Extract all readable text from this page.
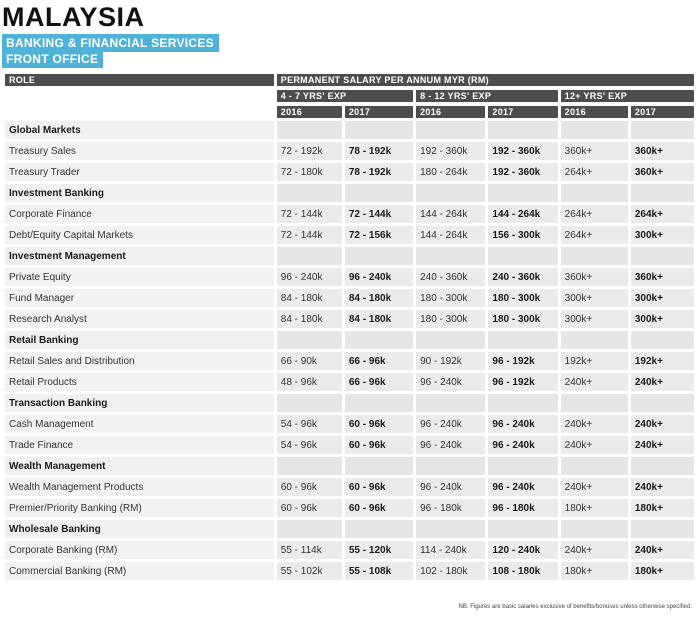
MALAYSIA
BANKING & FINANCIAL SERVICES
FRONT OFFICE
ROLE	PERMANENT SALARY PER ANNUM MYR (RM)					

	4 - 7 YRS' EXP		8 - 12 YRS' EXP		12+ YRS' EXP	

	2016	2017	2016	2017	2016	2017

Global Markets						

Treasury Sales	72 - 192k	78 - 192k	192 - 360k	192 - 360k	360k+	360k+

Treasury Trader	72 - 180k	78 - 192k	180 - 264k	192 - 360k	264k+	360k+

Investment Banking						

Corporate Finance	72 - 144k	72 - 144k	144 - 264k	144 - 264k	264k+	264k+

Debt/Equity Capital Markets	72 - 144k	72 - 156k	144 - 264k	156 - 300k	264k+	300k+

Investment Management						

Private Equity	96 - 240k	96 - 240k	240 - 360k	240 - 360k	360k+	360k+

Fund Manager	84 - 180k	84 - 180k	180 - 300k	180 - 300k	300k+	300k+

Research Analyst	84 - 180k	84 - 180k	180 - 300k	180 - 300k	300k+	300k+

Retail Banking						

Retail Sales and Distribution	66 - 90k	66 - 96k	90 - 192k	96 - 192k	192k+	192k+

Retail Products	48 - 96k	66 - 96k	96 - 240k	96 - 192k	240k+	240k+

Transaction Banking						

Cash Management	54 - 96k	60 - 96k	96 - 240k	96 - 240k	240k+	240k+

Trade Finance	54 - 96k	60 - 96k	96 - 240k	96 - 240k	240k+	240k+

Wealth Management						

Wealth Management Products	60 - 96k	60 - 96k	96 - 240k	96 - 240k	240k+	240k+

Premier/Priority Banking (RM)	60 - 96k	60 - 96k	96 - 180k	96 - 180k	180k+	180k+

Wholesale Banking						

Corporate Banking (RM)	55 - 114k	55 - 120k	114 - 240k	120 - 240k	240k+	240k+

Commercial Banking (RM)	55 - 102k	55 - 108k	102 - 180k	108 - 180k	180k+	180k+

NB: Figures are basic salaries exclusive of benefits/bonuses unless otherwise specified.
